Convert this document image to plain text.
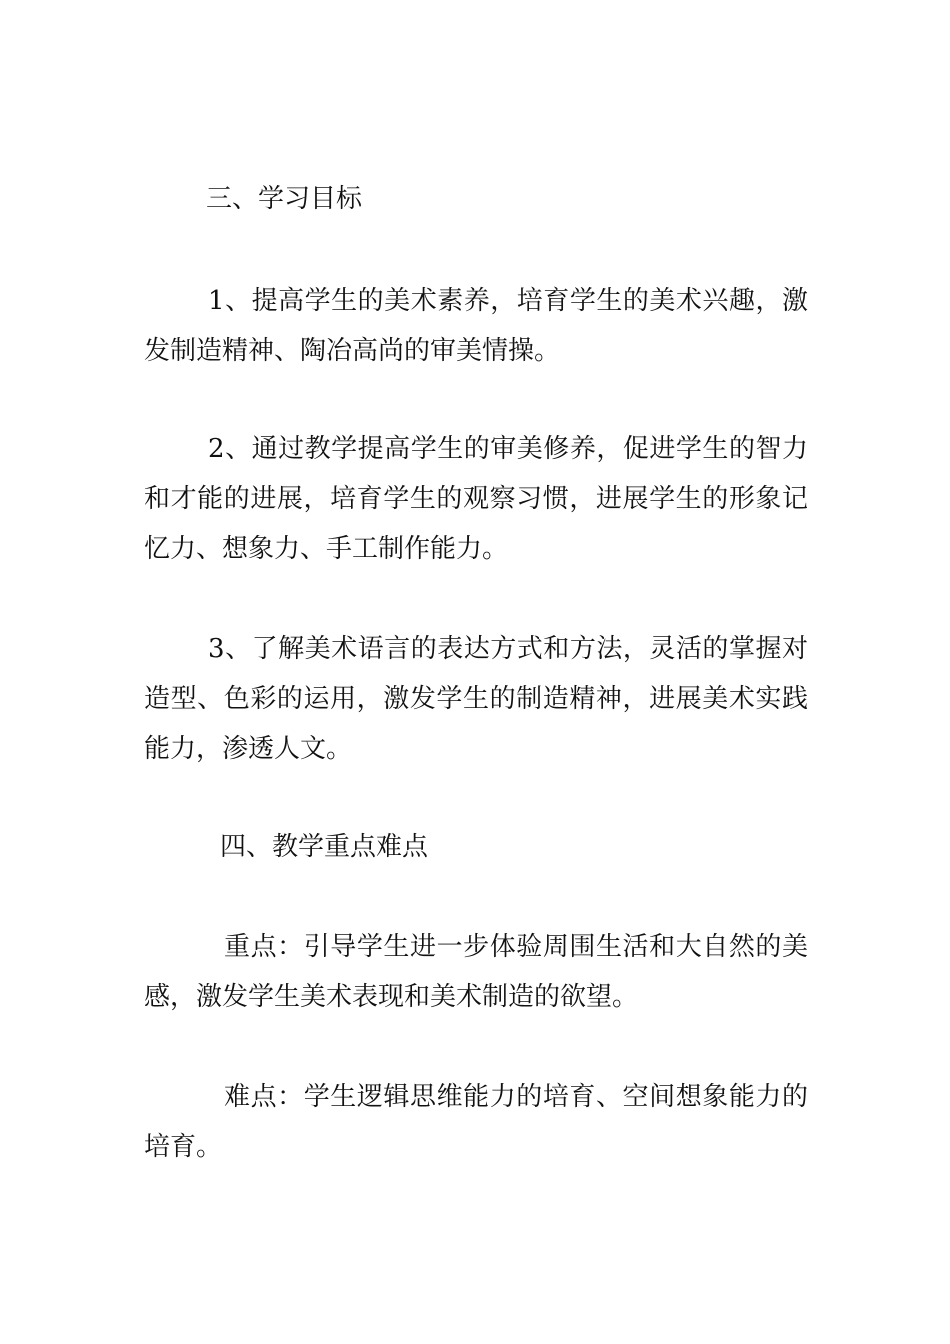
三、学习目标

1、提高学生的美术素养，培育学生的美术兴趣，激发制造精神、陶冶高尚的审美情操。

2、通过教学提高学生的审美修养，促进学生的智力和才能的进展，培育学生的观察习惯，进展学生的形象记忆力、想象力、手工制作能力。

3、了解美术语言的表达方式和方法，灵活的掌握对造型、色彩的运用，激发学生的制造精神，进展美术实践能力，渗透人文。

四、教学重点难点

重点：引导学生进一步体验周围生活和大自然的美感，激发学生美术表现和美术制造的欲望。

难点：学生逻辑思维能力的培育、空间想象能力的培育。
